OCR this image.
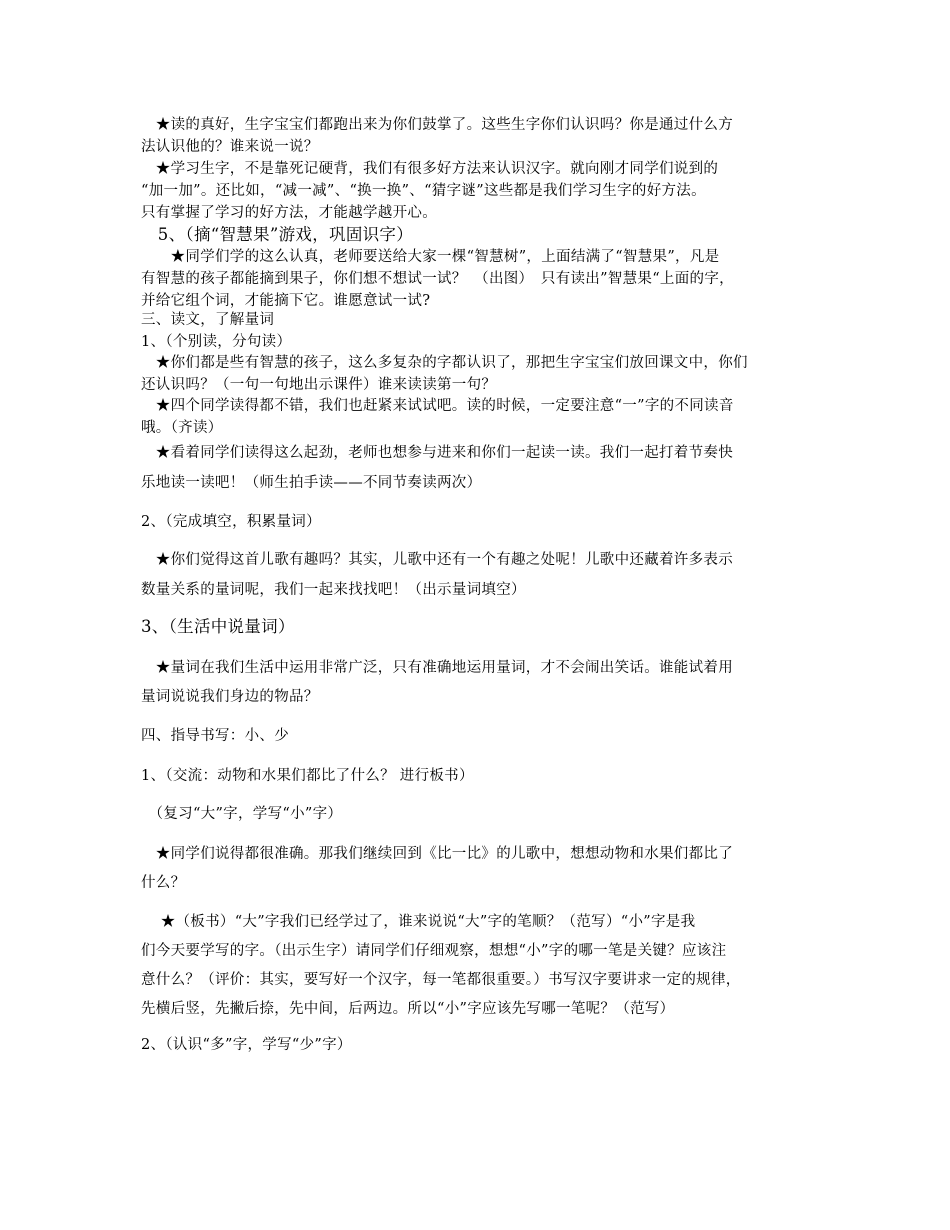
　★读的真好，生字宝宝们都跑出来为你们鼓掌了。这些生字你们认识吗？你是通过什么方

法认识他的？谁来说一说？

　★学习生字，不是靠死记硬背，我们有很多好方法来认识汉字。就向刚才同学们说到的

“加一加”。还比如，“减一减”、“换一换”、“猜字谜”这些都是我们学习生字的好方法。

只有掌握了学习的好方法，才能越学越开心。

　5、（摘“智慧果”游戏，巩固识字）

　　★同学们学的这么认真，老师要送给大家一棵“智慧树”，上面结满了“智慧果”，凡是

有智慧的孩子都能摘到果子，你们想不想试一试？　（出图）　只有读出”智慧果“上面的字，

并给它组个词，才能摘下它。谁愿意试一试?

三、读文，了解量词

1、（个别读，分句读）

　★你们都是些有智慧的孩子，这么多复杂的字都认识了，那把生字宝宝们放回课文中，你们

还认识吗？（一句一句地出示课件）谁来读读第一句？

　★四个同学读得都不错，我们也赶紧来试试吧。读的时候，一定要注意“一”字的不同读音

哦。（齐读）

　★看着同学们读得这么起劲，老师也想参与进来和你们一起读一读。我们一起打着节奏快

乐地读一读吧！（师生拍手读——不同节奏读两次）

2、（完成填空，积累量词）

　★你们觉得这首儿歌有趣吗？其实，儿歌中还有一个有趣之处呢！儿歌中还藏着许多表示

数量关系的量词呢，我们一起来找找吧！（出示量词填空）

3、（生活中说量词）

　★量词在我们生活中运用非常广泛，只有准确地运用量词，才不会闹出笑话。谁能试着用

量词说说我们身边的物品？

四、指导书写：小、少

1、（交流：动物和水果们都比了什么？ 进行板书）

　（复习“大”字，学写“小”字）

　★同学们说得都很准确。那我们继续回到《比一比》的儿歌中，想想动物和水果们都比了

什么？

　 ★（板书）“大”字我们已经学过了，谁来说说“大”字的笔顺？（范写）“小”字是我

们今天要学写的字。（出示生字）请同学们仔细观察，想想“小”字的哪一笔是关键？应该注

意什么？（评价：其实，要写好一个汉字，每一笔都很重要。）书写汉字要讲求一定的规律，

先横后竖，先撇后捺，先中间，后两边。所以“小”字应该先写哪一笔呢？（范写）

2、（认识“多”字，学写“少”字）
